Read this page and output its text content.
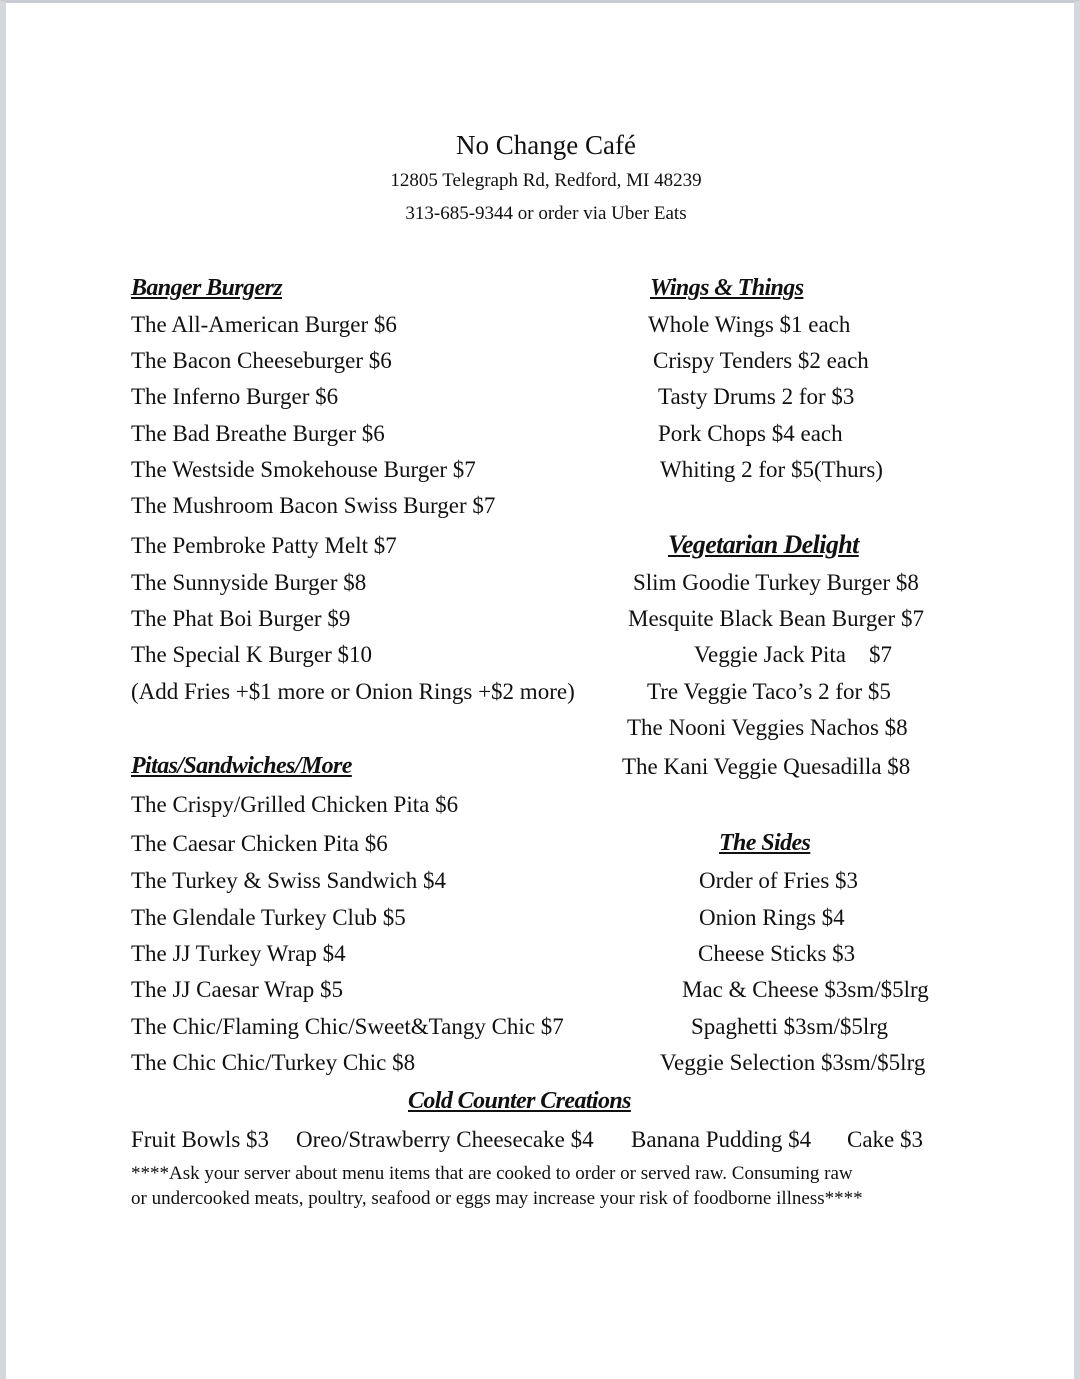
No Change Café
12805 Telegraph Rd, Redford, MI 48239
313-685-9344 or order via Uber Eats
Banger Burgerz
The All-American Burger $6
The Bacon Cheeseburger $6
The Inferno Burger $6
The Bad Breathe Burger $6
The Westside Smokehouse Burger $7
The Mushroom Bacon Swiss Burger $7
The Pembroke Patty Melt $7
The Sunnyside Burger $8
The Phat Boi Burger $9
The Special K Burger $10
(Add Fries +$1 more or Onion Rings +$2 more)
Pitas/Sandwiches/More
The Crispy/Grilled Chicken Pita $6
The Caesar Chicken Pita $6
The Turkey & Swiss Sandwich $4
The Glendale Turkey Club $5
The JJ Turkey Wrap $4
The JJ Caesar Wrap $5
The Chic/Flaming Chic/Sweet&Tangy Chic $7
The Chic Chic/Turkey Chic $8
Wings & Things
Whole Wings $1 each
Crispy Tenders $2 each
Tasty Drums 2 for $3
Pork Chops $4 each
Whiting 2 for $5(Thurs)
Vegetarian Delight
Slim Goodie Turkey Burger $8
Mesquite Black Bean Burger $7
Veggie Jack Pita    $7
Tre Veggie Taco’s 2 for $5
The Nooni Veggies Nachos $8
The Kani Veggie Quesadilla $8
The Sides
Order of Fries $3
Onion Rings $4
Cheese Sticks $3
Mac & Cheese $3sm/$5lrg
Spaghetti $3sm/$5lrg
Veggie Selection $3sm/$5lrg
Cold Counter Creations
Fruit Bowls $3 Oreo/Strawberry Cheesecake $4 Banana Pudding $4 Cake $3
****Ask your server about menu items that are cooked to order or served raw. Consuming raw
or undercooked meats, poultry, seafood or eggs may increase your risk of foodborne illness****
